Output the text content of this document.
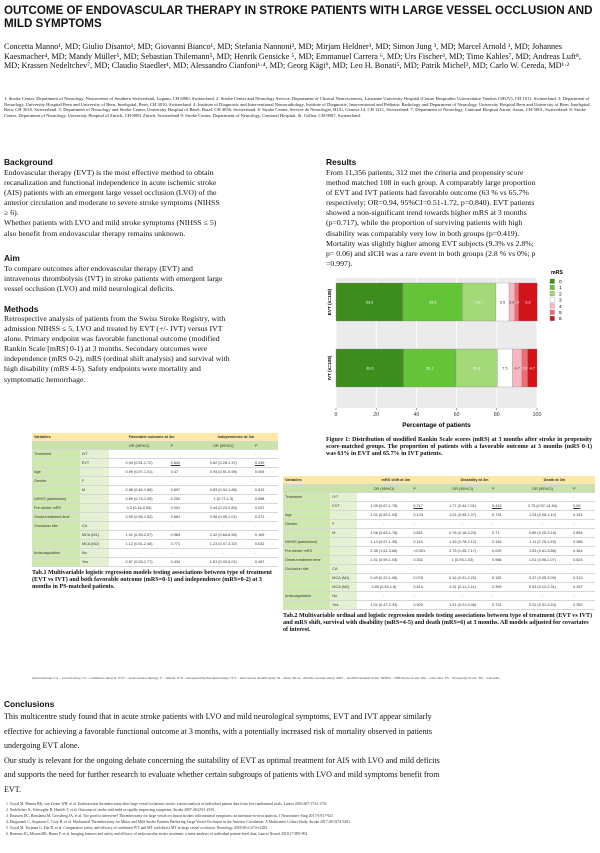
OUTCOME OF ENDOVASCULAR THERAPY IN STROKE PATIENTS WITH LARGE VESSEL OCCLUSION AND MILD SYMPTOMS
Concetta Manno¹, MD; Giulio Disanto¹, MD; Giovanni Bianco¹, MD; Stefania Nannoni², MD; Mirjam Heldner³, MD; Simon Jung ³, MD; Marcel Arnold ³, MD; Johannes Kaesmacher⁴, MD; Mandy Müller⁵, MD; Sebastian Thilemann⁵, MD; Henrik Gensicke ⁵, MD; Emmanuel Carrera ⁶, MD; Urs Fischer³, MD; Timo Kahles⁷, MD; Andreas Luft⁸, MD; Krassen Nedeltchev⁷, MD; Claudio Staedler¹, MD; Alessandro Cianfoni¹·⁴, MD; Georg Kägi⁹, MD; Leo H. Bonati⁵, MD; Patrik Michel², MD; Carlo W. Cereda, MD¹·²
1: Stroke Center, Department of Neurology, Neurocenter of Southern Switzerland, Lugano, CH 6900, Switzerland. 2: Stroke Center and Neurology Service, Department of Clinical Neurosciences, Lausanne University Hospital (Centre Hospitalier Universitaire Vaudois CHUV), CH 1011, Switzerland. 3: Department of Neurology, University Hospital Bern and University of Bern, Inselspital, Bern, CH 3010, Switzerland. 4: Institute of Diagnostic and Interventional Neuroradiology, Institute of Diagnostic, Interventional and Pediatric Radiology and Department of Neurology, University Hospital Bern and University of Bern, Inselspital, Bern, CH 3010, Switzerland. 5: Department of Neurology and Stroke Center, University Hospital of Basel, Basel, CH 4056, Switzerland. 6: Stroke Center, Service de Neurologie, HUG, Geneva 14, CH 1211, Switzerland. 7: Department of Neurology, Cantonal Hospital Aarau, Aarau, CH-5001, Switzerland. 8: Stroke Center, Department of Neurology, University Hospital of Zürich, CH-8091 Zürich, Switzerland 9: Stroke Center, Department of Neurology, Cantonal Hospital, St. Gallen, CH-9007, Switzerland.
Background
Endovascular therapy (EVT) is the most effective method to obtain
recanalization and functional independence in acute ischemic stroke
(AIS) patients with an emergent large vessel occlusion (LVO) of the
anterior circulation and moderate to severe stroke symptoms (NIHSS
≥ 6).
Whether patients with LVO and mild stroke symptoms (NIHSS ≤ 5)
also benefit from endovascular therapy remains unknown.
Aim
To compare outcomes after endovascular therapy (EVT) and
intravenous thrombolysis (IVT) in stroke patients with emergent large
vessel occlusion (LVO) and mild neurological deficits.
Methods
Retrospective analysis of patients from the Swiss Stroke Registry, with
admission NIHSS ≤ 5, LVO and treated by EVT (+/- IVT) versus IVT
alone. Primary endpoint was favorable functional outcome (modified
Rankin Scale [mRS] 0-1) at 3 months. Secondary outcomes were
independence (mRS 0-2), mRS (ordinal shift analysis) and survival with
high disability (mRS 4-5). Safety endpoints were mortality and
symptomatic hemorrhage.
Results
From 11,356 patients, 312 met the criteria and propensity score
method matched 108 in each group. A comparably large proportion
of EVT and IVT patients had favorable outcome (63 % vs 65.7%
respectively; OR=0.94, 95%CI=0.51-1.72, p=0.840). EVT patients
showed a non-significant trend towards higher mRS at 3 months
(p=0.717), while the proportion of surviving patients with high
disability was comparably very low in both groups (p=0.419).
Mortality was slightly higher among EVT subjects (9.3% vs 2.8%;
p= 0.06) and sICH was a rare event in both groups (2.8 % vs 0%; p
=0.997).
33.3	29.6	16.7	6.5 2.8 1.9 9.3
33.6	26.1	20.6	7.5 4.7 2.8 4.7
EVT (n=108)
IVT (n=108)
0	20	40	60	80	100
Percentage of patients
mRS
0
1
2
3
4
5
6
Figure 1: Distribution of modified Rankin Scale scores (mRS) at 3 months after stroke in propensity score-matched groups. The proportion of patients with a favorable outcome at 3 months (mRS 0-1) was 63% in EVT and 65.7% in IVT patients.
Variables		Favorable outcome at 3m		Independence at 3m	
		OR (95%CI)	P	OR (95%CI)	P
Treatment	IVT	-	-	-	-
	EVT	0.94 (0.51-1.72)	0.840	0.62 (0.28-1.37)	0.249
Age		0.99 (0.97-1.01)	0.47	0.94 (0.91-0.98)	0.004
Gender	F	-	-	-	-
	M	0.88 (0.46-1.68)	0.697	0.83 (0.34-1.88)	0.613
NIHSS (admission)		0.89 (0.73-1.09)	0.252	1 (0.77-1.3)	0.988
Pre-stroke mRS		0.3 (0.16-0.54)	0.001	0.44 (0.23-0.83)	0.007
Onset-treatment time		0.99 (0.96-1.02)	0.681	0.98 (0.95-1.01)	0.271
Occlusion site	CA	-	-	-	-
	MCA (M1)	1.01 (0.39-2.57)	0.983	2.42 (0.68-8.58)	0.169
	MCA (M2)	1.12 (0.51-2.46)	0.771	1.23 (0.47-3.32)	0.632
Anticoagulation	No	-	-	-	-
	Yes	0.67 (0.26-1.77)	0.434	1.61 (0.40-5.01)	0.467
Tab.1 Multivariable logistic regression models testing associations between type of treatment (EVT vs IVT) and both favorable outcome (mRS=0-1) and independence (mRS=0-2) at 3 months in PS-matched patients.
Variables		mRS shift at 3m		Disability at 3m		Death at 3m	
		OR (95%CI)	P	OR (95%CI)	P	OR (95%CI)	P
Treatment	IVT	-	-	-	-	-	-
	EVT	1.09 (0.67-1.78)	0.717	1.77 (0.44-7.01)	0.419	2.75 (0.97-14.54)	0.06
Age		1.01 (0.99-1.03)	0.143	1.01 (0.95-1.07)	0.724	1.04 (0.98-1.10)	0.151
Gender	F	-	-	-	-	-	-
	M	1.06 (0.63-1.78)	0.821	0.76 (0.18-3.23)	0.71	0.89 (0.25-3.16)	0.854
NIHSS (admission)		1.14 (0.97-1.35)	0.119	1.29 (0.78-2.12)	0.316	1.11 (0.75-1.63)	0.386
Pre-stroke mRS		2.35 (1.51-3.66)	<0.001	2.75 (1.05-7.17)	0.029	1.53 (0.61-3.88)	0.364
Onset-treatment time		1.01 (0.99-1.03)	0.302	1 (0.93-1.03)	0.986	1.01 (0.96-1.07)	0.624
Occlusion site	CA	-	-	-	-	-	-
	MCA (M1)	0.49 (0.22-1.08)	0.078	0.16 (0.01-2.22)	0.182	0.37 (0.05-3.09)	0.313
	MCA (M2)	0.85 (0.45-1.6)	0.614	0.31 (0.11-2.41)	0.399	0.53 (0.12-2.31)	0.357
Anticoagulation	No	-	-	-	-	-	-
	Yes	1.01 (0.47-2.33)	0.903	1.41 (0.21-9.46)	0.724	0.22 (0.31-3.43)	0.352
Tab.2 Multivariable ordinal and logistic regression models testing associations between type of treatment (EVT vs IVT) and mRS shift, survival with disability (mRS=4-5) and death (mRS=6) at 3 months. All models adjusted for covariates of interest.
Abbreviations: CA – carotid artery; CI – confidence interval; EVT – endovascular therapy; F – female; ICH – intraparenchymal hemorrhage; IVT – intravenous thrombolysis; M – male; MCA – middle cerebral artery; mRS – modified Rankin Scale; NIHSS – NIH Stroke Scale; OR – odds ratio; PS – Propensity Score; 3m – 3 months.
Conclusions
This multicentre study found that in acute stroke patients with LVO and mild neurological symptoms, EVT and IVT appear similarly
effective for achieving a favorable functional outcome at 3 months, with a potentially increased risk of mortality observed in patients
undergoing EVT alone.
Our study is relevant for the ongoing debate concerning the suitability of EVT as optimal treatment for AIS with LVO and mild deficits
and supports the need for further research to evaluate whether certain subgroups of patients with LVO and mild symptoms benefit from
EVT.
1. Goyal M, Menon BK, van Zwam WH, et al. Endovascular thrombectomy after large-vessel ischaemic stroke: a meta-analysis of individual patient data from five randomised trials. Lancet 2016;387:1723-1731.
2. Nedeltchev K, Schwegler B, Haefeli T, et al. Outcome of stroke with mild or rapidly improving symptoms. Stroke 2007;38:2531-2535.
3. Haussen DC, Bouslama M, Grossberg JA, et al. Too good to intervene? Thrombectomy for large vessel occlusion strokes with minimal symptoms: an intention-to-treat analysis. J Neurointerv Surg 2017;9:917-921.
4. Dargazanli C, Arquizan C, Gory B, et al. Mechanical Thrombectomy for Minor and Mild Stroke Patients Harboring Large Vessel Occlusion in the Anterior Circulation: A Multicenter Cohort Study. Stroke 2017;48:3274-3281.
5. Goyal M, Turjman G, Fan D, et al. Comparative safety and efficacy of combined IVT and MT with direct MT in large vessel occlusion. Neurology 2018;90:e1274-e1282.
6. Romano JG, Menon BK, Hanes F, et al. Imaging features and safety and efficacy of endovascular stroke treatment: a meta-analysis of individual patient-level data. Lancet Neurol 2018;17:895-904.
